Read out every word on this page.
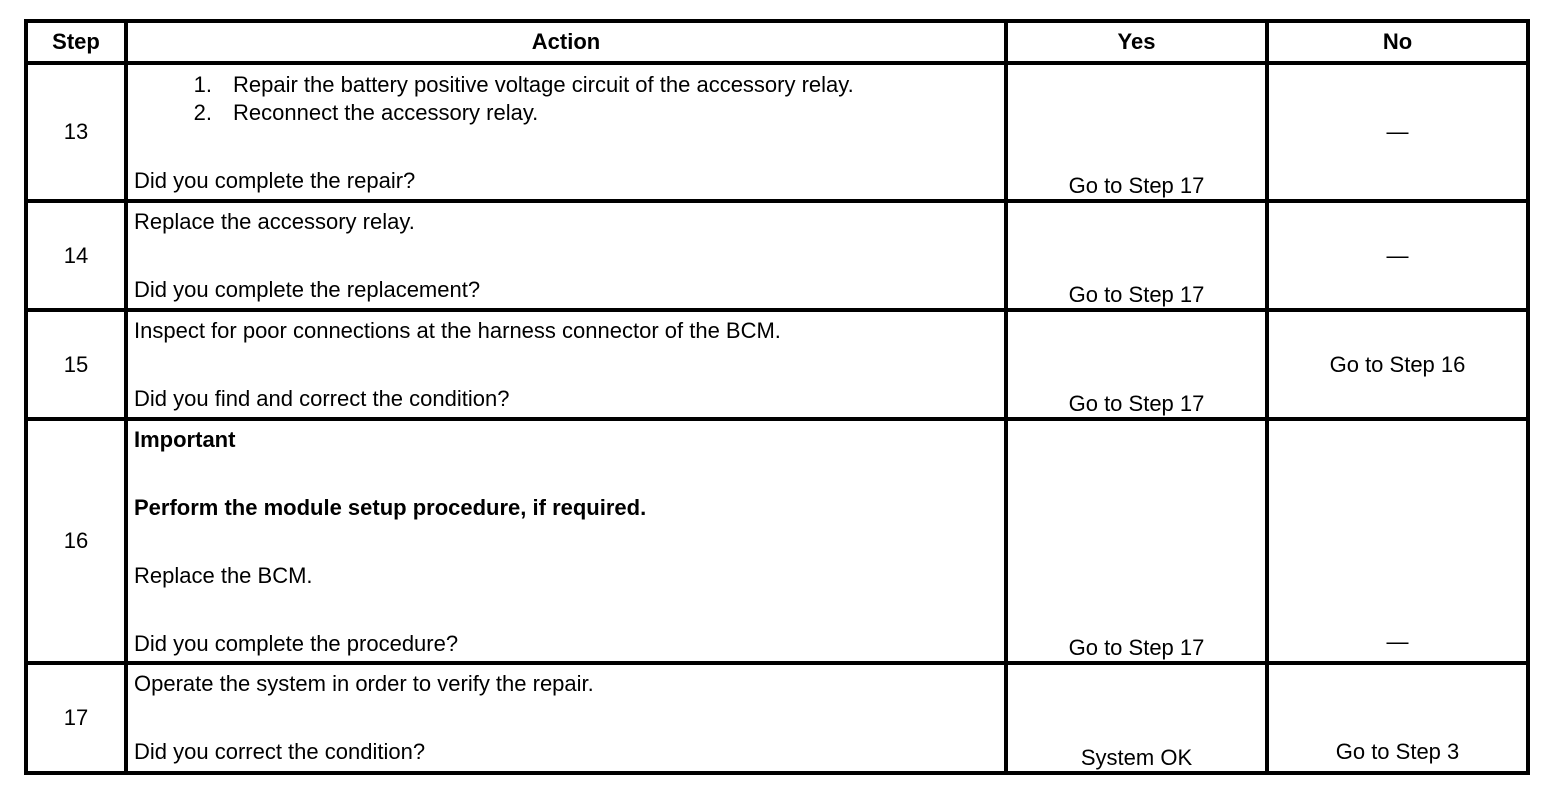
Step	Action	Yes	No
13	1. Repair the battery positive voltage circuit of the accessory relay.
2. Reconnect the accessory relay.
Did you complete the repair?	Go to Step 17	—
14	Replace the accessory relay.
Did you complete the replacement?	Go to Step 17	—
15	Inspect for poor connections at the harness connector of the BCM.
Did you find and correct the condition?	Go to Step 17	Go to Step 16
16	Important
Perform the module setup procedure, if required.
Replace the BCM.
Did you complete the procedure?	Go to Step 17	—
17	Operate the system in order to verify the repair.
Did you correct the condition?	System OK	Go to Step 3
